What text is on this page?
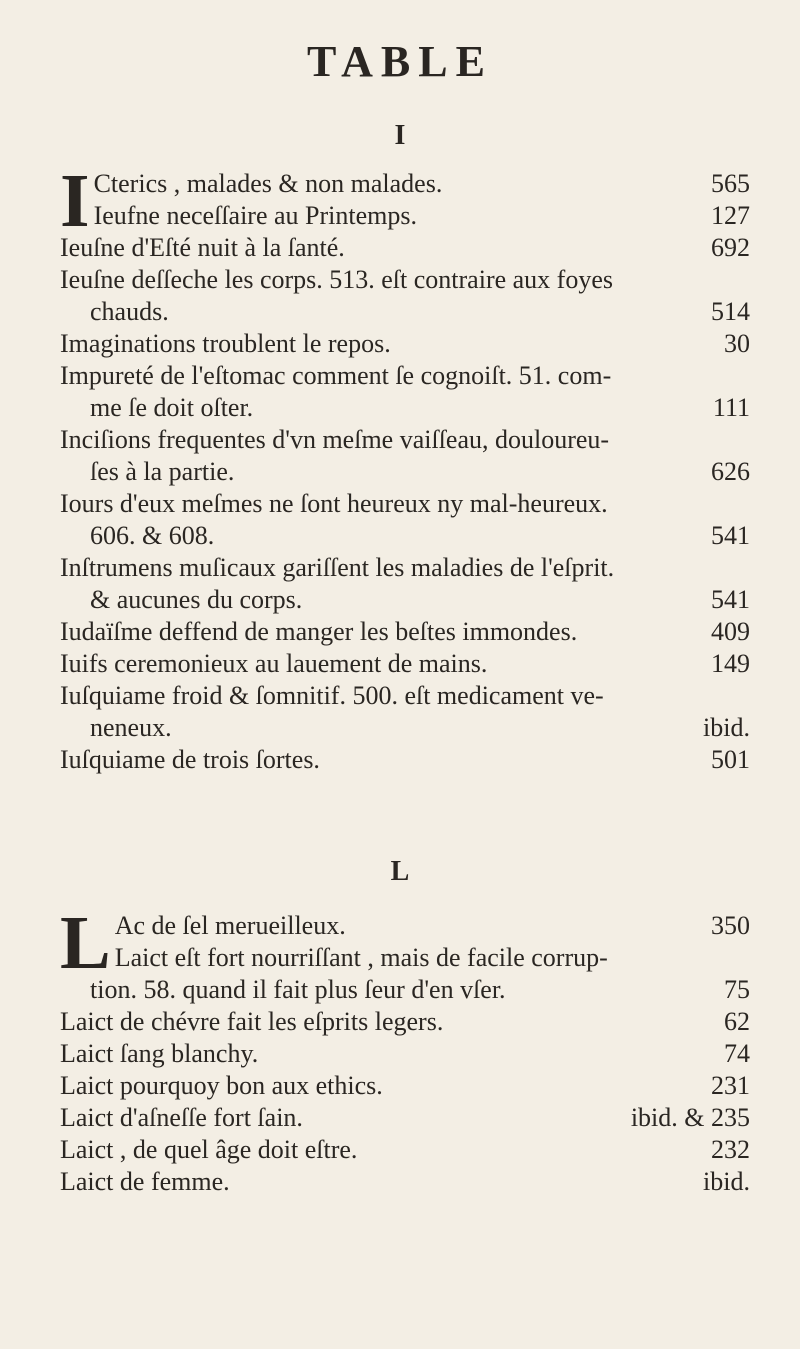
TABLE
I
I Cterics , malades & non malades.	565
Ieufne neceſſaire au Printemps.	127
Ieuſne d'Eſté nuit à la ſanté.	692
Ieuſne deſſeche les corps. 513. eſt contraire aux foyes
chauds.	514
Imaginations troublent le repos.	30
Impureté de l'eſtomac comment ſe cognoiſt. 51. com-
me ſe doit oſter.	111
Inciſions frequentes d'vn meſme vaiſſeau, douloureu-
ſes à la partie.	626
Iours d'eux meſmes ne ſont heureux ny mal-heureux.
606. & 608.	541
Inſtrumens muſicaux gariſſent les maladies de l'eſprit.
& aucunes du corps.	541
Iudaïſme deffend de manger les beſtes immondes.	409
Iuifs ceremonieux au lauement de mains.	149
Iuſquiame froid & ſomnitif. 500. eſt medicament ve-
neneux.	ibid.
Iuſquiame de trois ſortes.	501
L
L Ac de ſel merueilleux.	350
Laict eſt fort nourriſſant , mais de facile corrup-
tion. 58. quand il fait plus ſeur d'en vſer.	75
Laict de chévre fait les eſprits legers.	62
Laict ſang blanchy.	74
Laict pourquoy bon aux ethics.	231
Laict d'aſneſſe fort ſain.	ibid. & 235
Laict , de quel âge doit eſtre.	232
Laict de femme.	ibid.
